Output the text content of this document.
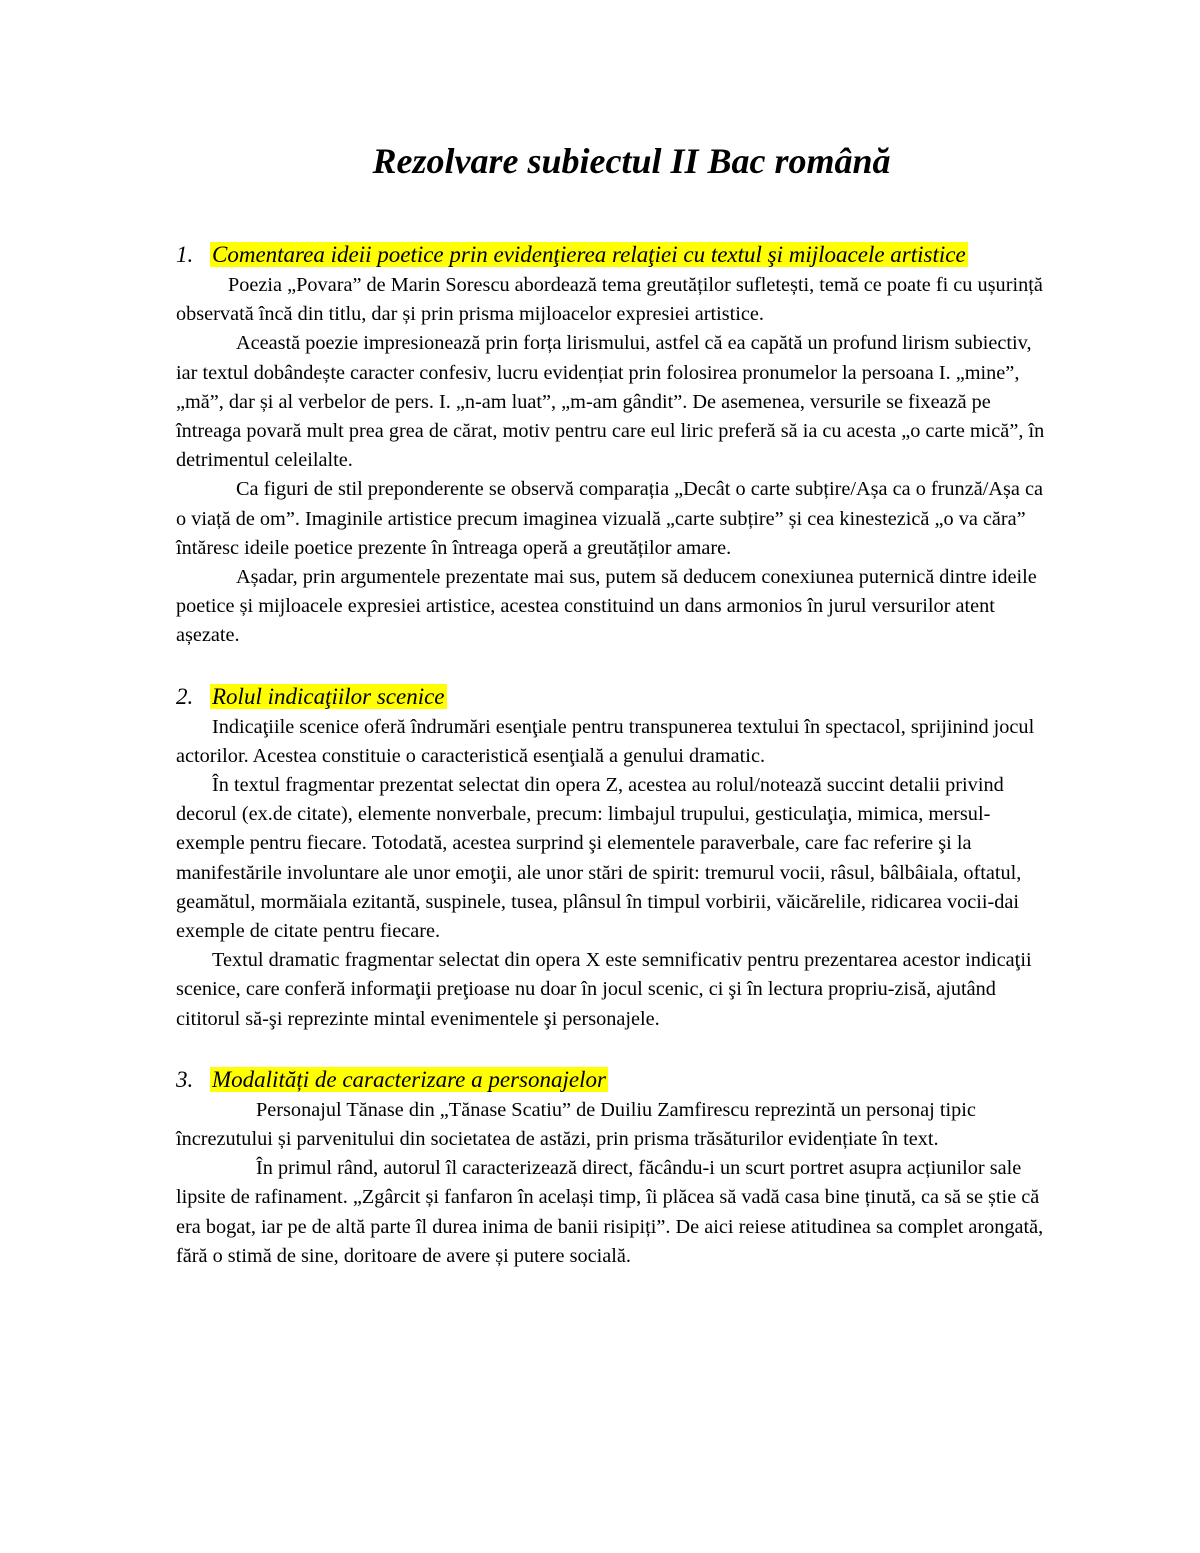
Rezolvare subiectul II Bac română
1. Comentarea ideii poetice prin evidenţierea relaţiei cu textul şi mijloacele artistice

Poezia „Povara” de Marin Sorescu abordează tema greutăților sufletești, temă ce poate fi cu ușurință observată încă din titlu, dar și prin prisma mijloacelor expresiei artistice.

Această poezie impresionează prin forța lirismului, astfel că ea capătă un profund lirism subiectiv, iar textul dobândește caracter confesiv, lucru evidențiat prin folosirea pronumelor la persoana I. „mine”, „mă”, dar și al verbelor de pers. I. „n-am luat”, „m-am gândit”. De asemenea, versurile se fixează pe întreaga povară mult prea grea de cărat, motiv pentru care eul liric preferă să ia cu acesta „o carte mică”, în detrimentul celeilalte.

Ca figuri de stil preponderente se observă comparația „Decât o carte subțire/Așa ca o frunză/Așa ca o viață de om”. Imaginile artistice precum imaginea vizuală „carte subțire” și cea kinestezică „o va căra” întăresc ideile poetice prezente în întreaga operă a greutăților amare.

Așadar, prin argumentele prezentate mai sus, putem să deducem conexiunea puternică dintre ideile poetice și mijloacele expresiei artistice, acestea constituind un dans armonios în jurul versurilor atent așezate.

2. Rolul indicaţiilor scenice

Indicaţiile scenice oferă îndrumări esenţiale pentru transpunerea textului în spectacol, sprijinind jocul actorilor. Acestea constituie o caracteristică esenţială a genului dramatic.

În textul fragmentar prezentat selectat din opera Z, acestea au rolul/notează succint detalii privind decorul (ex.de citate), elemente nonverbale, precum: limbajul trupului, gesticulaţia, mimica, mersul-exemple pentru fiecare. Totodată, acestea surprind şi elementele paraverbale, care fac referire şi la manifestările involuntare ale unor emoţii, ale unor stări de spirit: tremurul vocii, râsul, bâlbâiala, oftatul, geamătul, mormăiala ezitantă, suspinele, tusea, plânsul în timpul vorbirii, văicărelile, ridicarea vocii-dai exemple de citate pentru fiecare.

Textul dramatic fragmentar selectat din opera X este semnificativ pentru prezentarea acestor indicaţii scenice, care conferă informaţii preţioase nu doar în jocul scenic, ci şi în lectura propriu-zisă, ajutând cititorul să-şi reprezinte mintal evenimentele şi personajele.

3. Modalități de caracterizare a personajelor

Personajul Tănase din „Tănase Scatiu” de Duiliu Zamfirescu reprezintă un personaj tipic încrezutului și parvenitului din societatea de astăzi, prin prisma trăsăturilor evidențiate în text.

În primul rând, autorul îl caracterizează direct, făcându-i un scurt portret asupra acțiunilor sale lipsite de rafinament. „Zgârcit și fanfaron în același timp, îi plăcea să vadă casa bine ținută, ca să se știe că era bogat, iar pe de altă parte îl durea inima de banii risipiți”. De aici reiese atitudinea sa complet arongată, fără o stimă de sine, doritoare de avere și putere socială.
